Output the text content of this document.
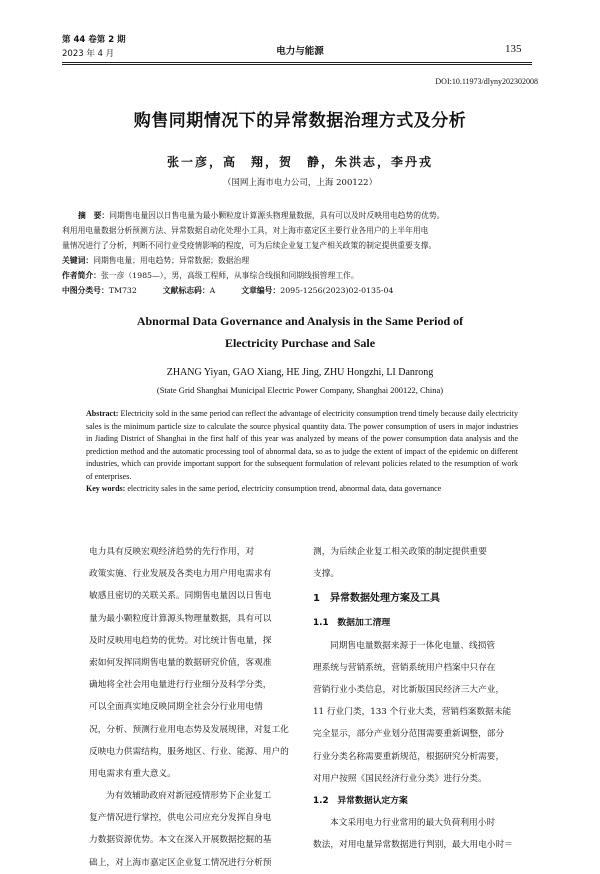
第 44 卷第 2 期
2023 年 4 月	电力与能源	135
DOI:10.11973/dlyny202302008
购售同期情况下的异常数据治理方式及分析
张一彦，高　翔，贺　静，朱洪志，李丹戎
（国网上海市电力公司，上海 200122）
摘　要：同期售电量因以日售电量为最小颗粒度计算源头物理量数据，具有可以及时反映用电趋势的优势。
利用用电量数据分析预测方法、异常数据自动化处理小工具，对上海市嘉定区主要行业各用户的上半年用电
量情况进行了分析，判断不同行业受疫情影响的程度，可为后续企业复工复产相关政策的制定提供重要支撑。
关键词：同期售电量；用电趋势；异常数据；数据治理
作者简介：张一彦（1985—），男，高级工程师，从事综合线损和同期线损管理工作。
中图分类号：TM732	文献标志码：A	文章编号：2095-1256(2023)02-0135-04
Abnormal Data Governance and Analysis in the Same Period of
Electricity Purchase and Sale
ZHANG Yiyan, GAO Xiang, HE Jing, ZHU Hongzhi, LI Danrong
(State Grid Shanghai Municipal Electric Power Company, Shanghai 200122, China)
Abstract: Electricity sold in the same period can reflect the advantage of electricity consumption trend timely because daily electricity sales is the minimum particle size to calculate the source physical quantity data. The power consumption of users in major industries in Jiading District of Shanghai in the first half of this year was analyzed by means of the power consumption data analysis and the prediction method and the automatic processing tool of abnormal data, so as to judge the extent of impact of the epidemic on different industries, which can provide important support for the subsequent formulation of relevant policies related to the resumption of work of enterprises.
Key words: electricity sales in the same period, electricity consumption trend, abnormal data, data governance
电力具有反映宏观经济趋势的先行作用，对
政策实施、行业发展及各类电力用户用电需求有
敏感且密切的关联关系。同期售电量因以日售电
量为最小颗粒度计算源头物理量数据，具有可以
及时反映用电趋势的优势。对比统计售电量，探
索如何发挥同期售电量的数据研究价值，客观准
确地将全社会用电量进行行业细分及科学分类，
可以全面真实地反映同期全社会分行业用电情
况，分析、预测行业用电态势及发展规律，对复工化
反映电力供需结构，服务地区、行业、能源、用户的
用电需求有重大意义。
为有效辅助政府对新冠疫情形势下企业复工
复产情况进行掌控，供电公司应充分发挥自身电
力数据资源优势。本文在深入开展数据挖掘的基
础上，对上海市嘉定区企业复工情况进行分析预
测，为后续企业复工相关政策的制定提供重要
支撑。
1　异常数据处理方案及工具
1.1　数据加工清理
同期售电量数据来源于一体化电量、线损管
理系统与营销系统，营销系统用户档案中只存在
营销行业小类信息，对比新版国民经济三大产业，
11 行业门类，133 个行业大类，营销档案数据未能
完全显示，部分产业划分范围需要重新调整，部分
行业分类名称需要重新规范，根据研究分析需要，
对用户按照《国民经济行业分类》进行分类。
1.2　异常数据认定方案
本文采用电力行业常用的最大负荷利用小时
数法，对用电量异常数据进行判别，最大用电小时＝
